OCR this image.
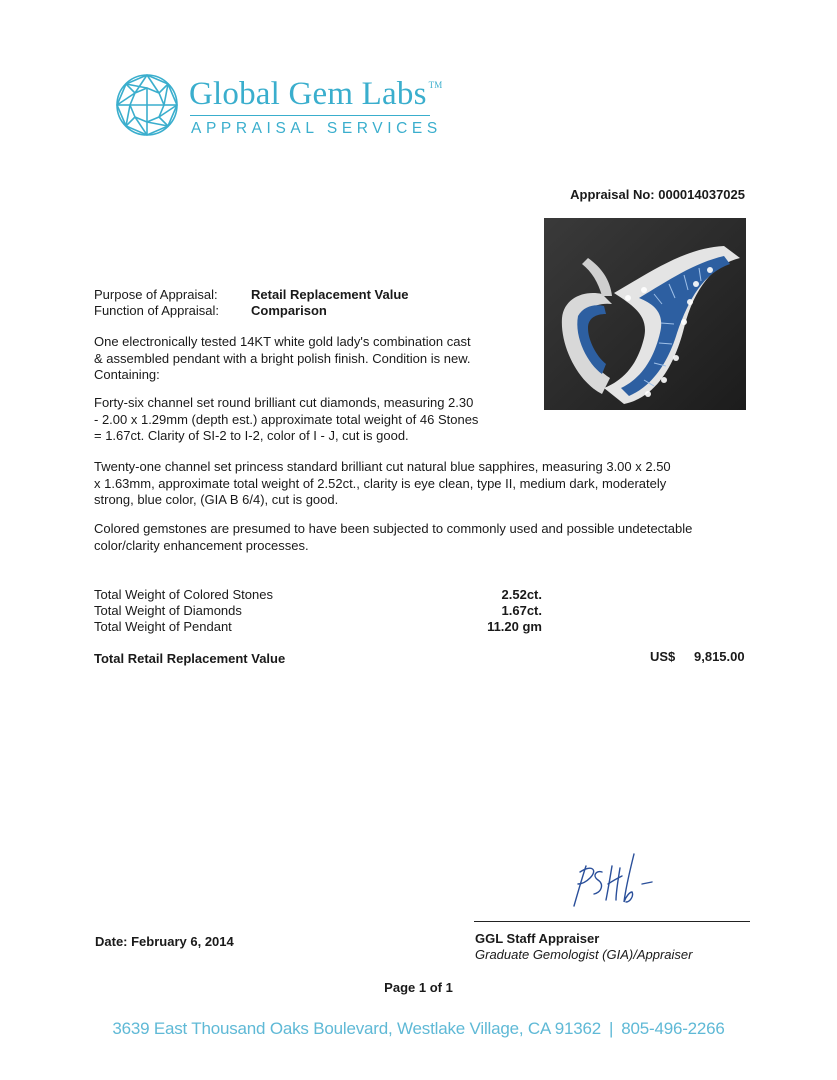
Global Gem Labs ™
APPRAISAL SERVICES
Appraisal No: 000014037025
Purpose of Appraisal:	Retail Replacement Value
Function of Appraisal: Comparison
One electronically tested 14KT white gold lady's combination cast
& assembled pendant with a bright polish finish. Condition is new.
Containing:
Forty-six channel set round brilliant cut diamonds, measuring 2.30
- 2.00 x 1.29mm (depth est.) approximate total weight of 46 Stones
= 1.67ct. Clarity of SI-2 to I-2, color of I - J, cut is good.
Twenty-one channel set princess standard brilliant cut natural blue sapphires, measuring 3.00 x 2.50
x 1.63mm, approximate total weight of 2.52ct., clarity is eye clean, type II, medium dark, moderately
strong, blue color, (GIA B 6/4), cut is good.
Colored gemstones are presumed to have been subjected to commonly used and possible undetectable
color/clarity enhancement processes.
Total Weight of Colored Stones	2.52ct.
Total Weight of Diamonds	1.67ct.
Total Weight of Pendant	11.20 gm
Total Retail Replacement Value	US$ 9,815.00
Date: February 6, 2014	GGL Staff Appraiser
Graduate Gemologist (GIA)/Appraiser
Page 1 of 1
3639 East Thousand Oaks Boulevard, Westlake Village, CA 91362 | 805-496-2266
